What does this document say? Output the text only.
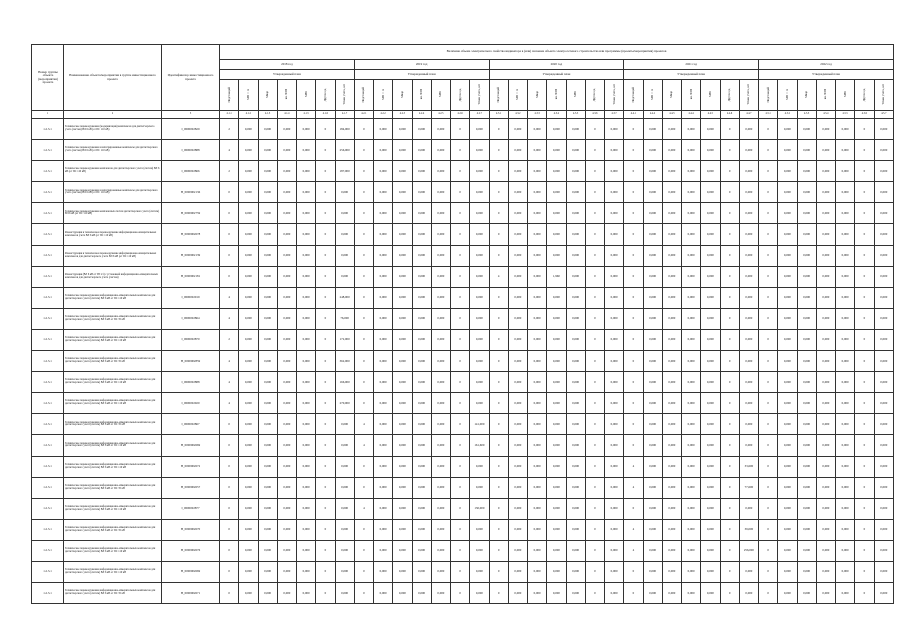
Номер группы объекта (мероприятия) проекта	Наименование объекта/мероприятия в группе инвестиционного проекта	Идентификатор инвестиционного проекта	Величина объема электрического свойства индикатора в (или) значение объекта электросетевого строительства или программы (проекты/мероприятия) проектов																																		
			2018 год							2019 год							2020 год							2021 год							2022 год						
			Утвержденный план							Утвержденный план							Утвержденный план							Утвержденный план							Утвержденный план						
			Подстанций	МВ×А	Мвар	км ЛЭП	МВт	Другое ед.	Точки учета, шт	Подстанций	МВ×А	Мвар	км ЛЭП	МВт	Другое ед.	Точки учета, шт	Подстанций	МВ×А	Мвар	км ЛЭП	МВт	Другое ед.	Точки учета, шт	Подстанций	МВ×А	Мвар	км ЛЭП	МВт	Другое ед.	Точки учета, шт	Подстанций	МВ×А	Мвар	км ЛЭП	МВт	Другое ед.	Точки учета, шт
1	2	3	4.1.1	4.1.2	4.1.3	4.1.4	4.1.5	4.1.6	4.1.7	4.2.1	4.2.2	4.2.3	4.2.4	4.2.5	4.2.6	4.2.7	4.3.1	4.3.2	4.3.3	4.3.4	4.3.5	4.3.6	4.3.7	4.4.1	4.4.2	4.4.3	4.4.4	4.4.5	4.4.6	4.4.7	4.5.1	4.5.2	4.5.3	4.5.4	4.5.5	4.5.6	4.5.7
1.2.3.1	Техническое перевооружение (модернизация) комплексов для диспетчерского учета (систем) ВЛ 6 кВ (от ПС 110 кВ)	I_0000002829	2	0,000	0,000	0,000	0,000	0	184,000	0	0,000	0,000	0,000	0,000	0	0,000	0	0,000	0,000	0,000	0,000	0	0,000	0	0,000	0,000	0,000	0,000	0	0,000	0	0,000	0,000	0,000	0,000	0	0,000
1.2.3.1	Техническое перевооружение в интегрированные комплексы для диспетчерского учета (систем) ВЛ 6 кВ (от ПС 110 кВ)	I_0000002888	4	0,000	0,000	0,000	0,000	0	256,000	0	0,000	0,000	0,000	0,000	0	0,000	0	0,000	0,000	0,000	0,000	0	0,000	0	0,000	0,000	0,000	0,000	0	0,000	0	0,000	0,000	0,000	0,000	0	0,000
1.2.3.1	Техническое перевооружение комплексов для диспетчерского учета (систем) ВЛ 6 кВ (от ПС 110 кВ)	I_0000002866	2	0,000	0,000	0,000	0,000	0	187,000	0	0,000	0,000	0,000	0,000	0	0,000	0	0,000	0,000	0,000	0,000	0	0,000	0	0,000	0,000	0,000	0,000	0	0,000	0	0,000	0,000	0,000	0,000	0	0,000
1.2.3.1	Техническое перевооружение в интегрированные комплексы для диспетчерского учета (систем) ВЛ 6 кВ (от ПС 110 кВ)	H_0000002136	0	0,000	0,000	0,000	0,000	0	0,000	0	0,000	0,000	0,000	0,000	0	0,000	0	0,000	0,000	0,000	0,000	0	0,000	0	0,000	0,000	0,000	0,000	0	0,000	0	0,000	0,000	0,000	0,000	0	0,000
1.2.3.1	Техническое перевооружение комплексных систем диспетчерского учета (систем) ВЛ 6 кВ (от ПС 110 кВ)	H_0000002759	0	0,000	0,000	0,000	0,000	0	0,000	0	0,000	0,000	0,000	0,000	0	0,000	0	0,000	0,000	0,000	0,000	0	0,000	0	0,000	0,000	0,000	0,000	0	0,000	0	0,000	0,000	0,000	0,000	0	0,000
1.2.3.1	Реконструкция и техническое перевооружение информационно-измерительных комплексов учета ВЛ 6 кВ (от ПС 110 кВ)	H_0000002678	0	0,000	0,000	0,000	0,000	0	0,000	0	0,000	0,000	0,000	0,000	0	0,000	0	0,000	0,000	0,000	0,000	0	0,000	0	0,000	0,000	0,000	0,000	0	0,000	0	0,000	0,000	0,000	0,000	0	0,000
1.2.3.1	Реконструкция и техническое перевооружение информационно-измерительных комплексов для диспетчерского учета ВЛ 6 кВ (от ПС 110 кВ)	H_0000002139	0	0,000	0,000	0,000	0,000	0	0,000	0	0,000	0,000	0,000	0,000	0	0,000	0	0,000	0,000	0,000	0,000	0	0,000	0	0,000	0,000	0,000	0,000	0	0,000	0	0,000	0,000	0,000	0,000	0	0,000
1.2.3.1	Реконструкция (ВЛ 6 кВ от ТП 21) с установкой информационно-измерительных комплексов для диспетчерского учета (систем)	H_0000002181	0	0,000	0,000	0,000	0,000	0	0,000	0	0,000	0,000	0,000	0,000	0	0,000	4	0,000	0,000	1,960	0,000	0	0,000	0	0,000	0,000	0,000	0,000	0	0,000	0	0,000	0,000	0,000	0,000	0	0,000
1.2.3.1	Техническое перевооружение информационно-измерительных комплексов для диспетчерского учета (систем) ВЛ 6 кВ от ПС 110 кВ	I_0000002919	4	0,000	0,000	0,000	0,000	0	248,000	0	0,000	0,000	0,000	0,000	0	0,000	0	0,000	0,000	0,000	0,000	0	0,000	0	0,000	0,000	0,000	0,000	0	0,000	0	0,000	0,000	0,000	0,000	0	0,000
1.2.3.1	Техническое перевооружение информационно-измерительных комплексов для диспетчерского учета (систем) ВЛ 6 кВ от ПС 35 кВ	I_0000002864	4	0,000	0,000	0,000	0,000	0	76,000	0	0,000	0,000	0,000	0,000	0	0,000	0	0,000	0,000	0,000	0,000	0	0,000	0	0,000	0,000	0,000	0,000	0	0,000	0	0,000	0,000	0,000	0,000	0	0,000
1.2.3.1	Техническое перевооружение информационно-измерительных комплексов для диспетчерского учета (систем) ВЛ 6 кВ от ПС 110 кВ	I_0000002870	2	0,000	0,000	0,000	0,000	0	172,000	0	0,000	0,000	0,000	0,000	0	0,000	0	0,000	0,000	0,000	0,000	0	0,000	0	0,000	0,000	0,000	0,000	0	0,000	0	0,000	0,000	0,000	0,000	0	0,000
1.2.3.1	Техническое перевооружение информационно-измерительных комплексов для диспетчерского учета (систем) ВЛ 6 кВ от ПС 35 кВ	H_0000002859	4	0,000	0,000	0,000	0,000	0	362,000	0	0,000	0,000	0,000	0,000	0	0,000	0	0,000	0,000	0,000	0,000	0	0,000	0	0,000	0,000	0,000	0,000	0	0,000	0	0,000	0,000	0,000	0,000	0	0,000
1.2.3.1	Техническое перевооружение информационно-измерительных комплексов для диспетчерского учета (систем) ВЛ 6 кВ от ПС 110 кВ	I_0000002888	4	0,000	0,000	0,000	0,000	0	166,000	0	0,000	0,000	0,000	0,000	0	0,000	0	0,000	0,000	0,000	0,000	0	0,000	0	0,000	0,000	0,000	0,000	0	0,000	0	0,000	0,000	0,000	0,000	0	0,000
1.2.3.1	Техническое перевооружение информационно-измерительных комплексов для диспетчерского учета (систем) ВЛ 6 кВ от ПС 110 кВ	I_0000002920	4	0,000	0,000	0,000	0,000	0	270,000	0	0,000	0,000	0,000	0,000	0	0,000	0	0,000	0,000	0,000	0,000	0	0,000	0	0,000	0,000	0,000	0,000	0	0,000	0	0,000	0,000	0,000	0,000	0	0,000
1.2.3.1	Техническое перевооружение информационно-измерительных комплексов для диспетчерского учета (систем) ВЛ 6 кВ от ПС 35 кВ	I_0000002867	0	0,000	0,000	0,000	0,000	0	0,000	4	0,000	0,000	0,000	0,000	0	141,000	0	0,000	0,000	0,000	0,000	0	0,000	0	0,000	0,000	0,000	0,000	0	0,000	0	0,000	0,000	0,000	0,000	0	0,000
1.2.3.1	Техническое перевооружение информационно-измерительных комплексов для диспетчерского учета (систем) ВЛ 6 кВ от ПС 110 кВ	H_0000002669	0	0,000	0,000	0,000	0,000	0	0,000	4	0,000	0,000	0,000	0,000	0	161,600	0	0,000	0,000	0,000	0,000	0	0,000	0	0,000	0,000	0,000	0,000	0	0,000	0	0,000	0,000	0,000	0,000	0	0,000
1.2.3.1	Техническое перевооружение информационно-измерительных комплексов для диспетчерского учета (систем) ВЛ 6 кВ от ПС 110 кВ	H_0000002672	0	0,000	0,000	0,000	0,000	0	0,000	0	0,000	0,000	0,000	0,000	0	0,000	0	0,000	0,000	0,000	0,000	0	0,000	4	0,000	0,000	0,000	0,000	0	33,600	0	0,000	0,000	0,000	0,000	0	0,000
1.2.3.1	Техническое перевооружение информационно-измерительных комплексов для диспетчерского учета (систем) ВЛ 6 кВ от ПС 35 кВ	H_0000002657	0	0,000	0,000	0,000	0,000	0	0,000	0	0,000	0,000	0,000	0,000	0	0,000	0	0,000	0,000	0,000	0,000	0	0,000	4	0,000	0,000	0,000	0,000	0	77,600	0	0,000	0,000	0,000	0,000	0	0,000
1.2.3.1	Техническое перевооружение информационно-измерительных комплексов для диспетчерского учета (систем) ВЛ 6 кВ от ПС 110 кВ	I_0000002877	0	0,000	0,000	0,000	0,000	0	0,000	4	0,000	0,000	0,000	0,000	0	130,000	0	0,000	0,000	0,000	0,000	0	0,000	0	0,000	0,000	0,000	0,000	0	0,000	0	0,000	0,000	0,000	0,000	0	0,000
1.2.3.1	Техническое перевооружение информационно-измерительных комплексов для диспетчерского учета (систем) ВЛ 6 кВ от ПС 35 кВ	H_0000002670	0	0,000	0,000	0,000	0,000	0	0,000	0	0,000	0,000	0,000	0,000	0	0,000	0	0,000	0,000	0,000	0,000	0	0,000	4	0,000	0,000	0,000	0,000	0	39,000	0	0,000	0,000	0,000	0,000	0	0,000
1.2.3.1	Техническое перевооружение информационно-измерительных комплексов для диспетчерского учета (систем) ВЛ 6 кВ от ПС 110 кВ	H_0000002676	0	0,000	0,000	0,000	0,000	0	0,000	0	0,000	0,000	0,000	0,000	0	0,000	0	0,000	0,000	0,000	0,000	0	0,000	4	0,000	0,000	0,000	0,000	0	256,000	0	0,000	0,000	0,000	0,000	0	0,000
1.2.3.1	Техническое перевооружение информационно-измерительных комплексов для диспетчерского учета (систем) ВЛ 6 кВ от ПС 110 кВ	H_0000002669	0	0,000	0,000	0,000	0,000	0	0,000	0	0,000	0,000	0,000	0,000	0	0,000	0	0,000	0,000	0,000	0,000	0	0,000	0	0,000	0,000	0,000	0,000	0	0,000	0	0,000	0,000	0,000	0,000	0	0,000
1.2.3.1	Техническое перевооружение информационно-измерительных комплексов для диспетчерского учета (систем) ВЛ 6 кВ от ПС 35 кВ	H_0000002671	0	0,000	0,000	0,000	0,000	0	0,000	0	0,000	0,000	0,000	0,000	0	0,000	0	0,000	0,000	0,000	0,000	0	0,000	0	0,000	0,000	0,000	0,000	0	0,000	0	0,000	0,000	0,000	0,000	0	0,000
